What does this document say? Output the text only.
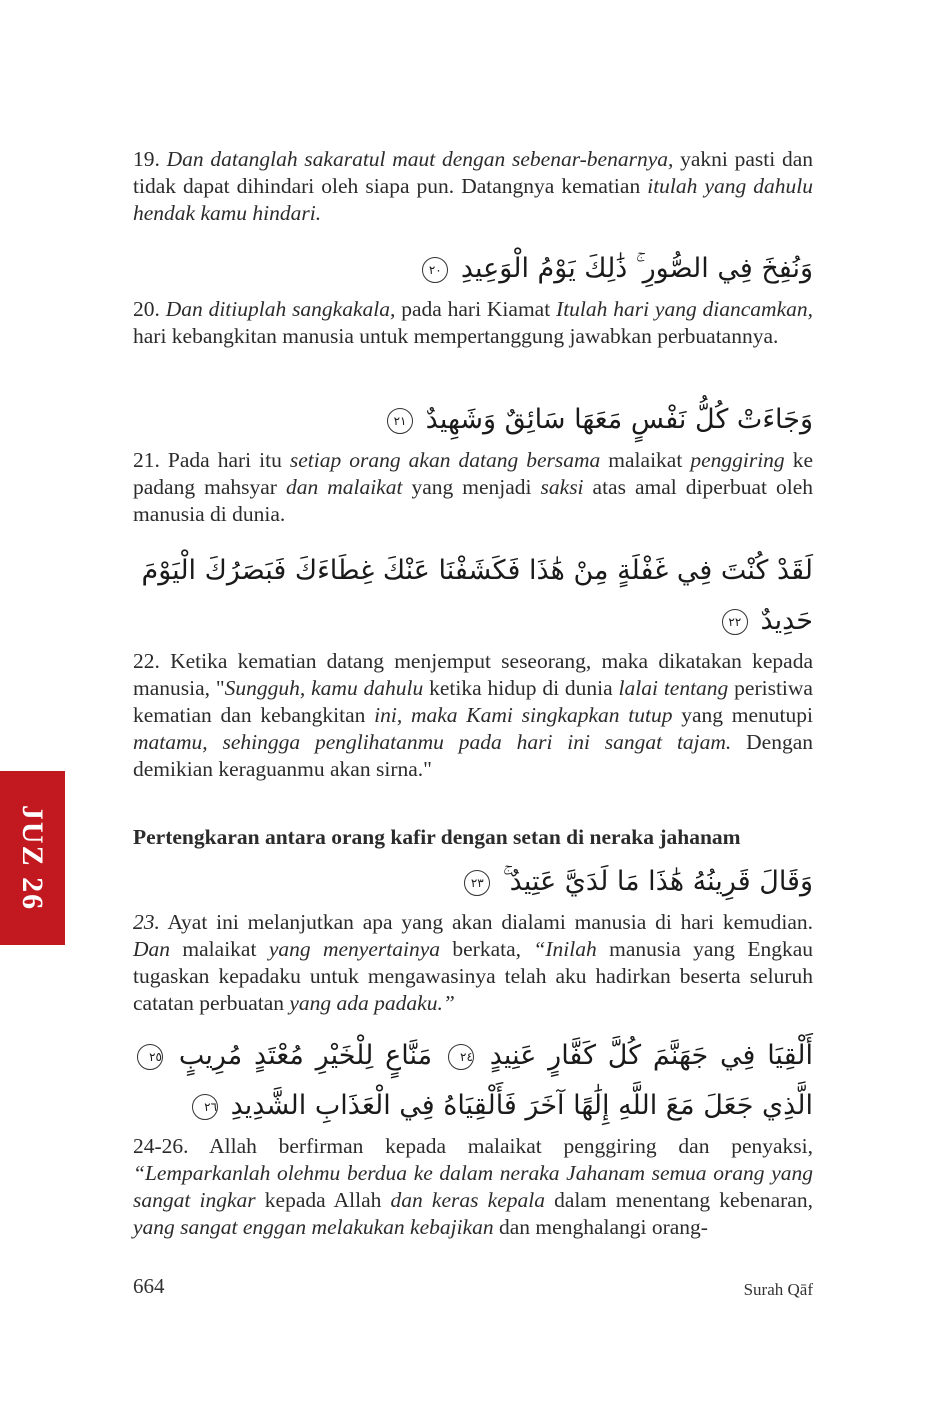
JUZ 26

19. Dan datanglah sakaratul maut dengan sebenar-benarnya, yakni pasti dan tidak dapat dihindari oleh siapa pun. Datangnya kematian itulah yang dahulu hendak kamu hindari.

وَنُفِخَ فِي الصُّورِ ۚ ذَٰلِكَ يَوْمُ الْوَعِيدِ ٢٠

20. Dan ditiuplah sangkakala, pada hari Kiamat Itulah hari yang diancamkan, hari kebangkitan manusia untuk mempertanggung jawabkan perbuatannya.

وَجَاءَتْ كُلُّ نَفْسٍ مَعَهَا سَائِقٌ وَشَهِيدٌ ٢١

21. Pada hari itu setiap orang akan datang bersama malaikat penggiring ke padang mahsyar dan malaikat yang menjadi saksi atas amal diperbuat oleh manusia di dunia.

لَقَدْ كُنْتَ فِي غَفْلَةٍ مِنْ هَٰذَا فَكَشَفْنَا عَنْكَ غِطَاءَكَ فَبَصَرُكَ الْيَوْمَ حَدِيدٌ ٢٢

22. Ketika kematian datang menjemput seseorang, maka dikatakan kepada manusia, "Sungguh, kamu dahulu ketika hidup di dunia lalai tentang peristiwa kematian dan kebangkitan ini, maka Kami singkapkan tutup yang menutupi matamu, sehingga penglihatanmu pada hari ini sangat tajam. Dengan demikian keraguanmu akan sirna."

Pertengkaran antara orang kafir dengan setan di neraka jahanam

وَقَالَ قَرِينُهُ هَٰذَا مَا لَدَيَّ عَتِيدٌ ۚ ٢٣

23. Ayat ini melanjutkan apa yang akan dialami manusia di hari kemudian. Dan malaikat yang menyertainya berkata, “Inilah manusia yang Engkau tugaskan kepadaku untuk mengawasinya telah aku hadirkan beserta seluruh catatan perbuatan yang ada padaku.”

أَلْقِيَا فِي جَهَنَّمَ كُلَّ كَفَّارٍ عَنِيدٍ ٢٤ مَنَّاعٍ لِلْخَيْرِ مُعْتَدٍ مُرِيبٍ ٢٥ الَّذِي جَعَلَ مَعَ اللَّهِ إِلَٰهًا آخَرَ فَأَلْقِيَاهُ فِي الْعَذَابِ الشَّدِيدِ ٢٦

24-26. Allah berfirman kepada malaikat penggiring dan penyaksi, “Lemparkanlah olehmu berdua ke dalam neraka Jahanam semua orang yang sangat ingkar kepada Allah dan keras kepala dalam menentang kebenaran, yang sangat enggan melakukan kebajikan dan menghalangi orang-

664	Surah Qāf
